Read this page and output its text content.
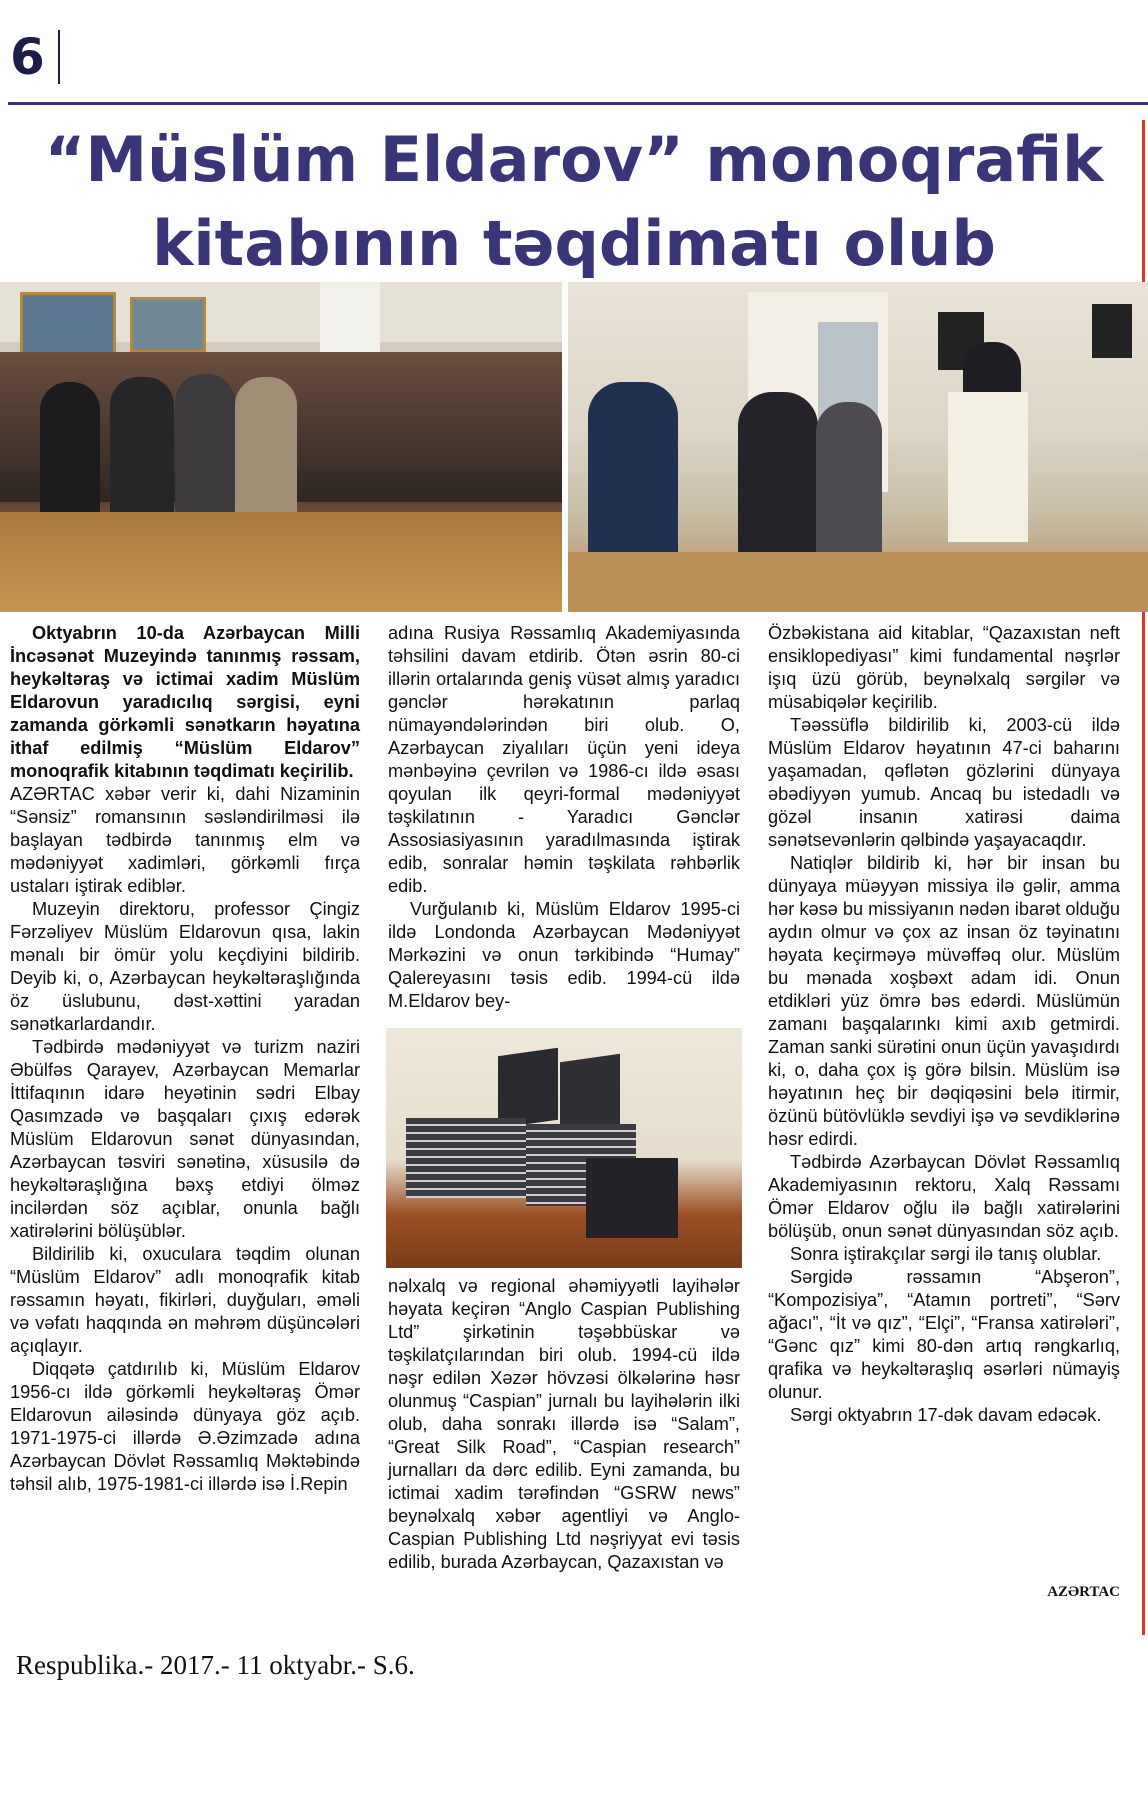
6
“Müslüm Eldarov” monoqrafik
kitabının təqdimatı olub

Oktyabrın 10-da Azərbaycan Milli İncəsənət Muzeyində tanınmış rəssam, heykəltəraş və ictimai xadim Müslüm Eldarovun yaradıcılıq sərgisi, eyni zamanda görkəmli sənətkarın həyatına ithaf edilmiş “Müslüm Eldarov” monoqrafik kitabının təqdimatı keçirilib.

AZƏRTAC xəbər verir ki, dahi Nizaminin “Sənsiz” romansının səsləndirilməsi ilə başlayan tədbirdə tanınmış elm və mədəniyyət xadimləri, görkəmli fırça ustaları iştirak ediblər.

Muzeyin direktoru, professor Çingiz Fərzəliyev Müslüm Eldarovun qısa, lakin mənalı bir ömür yolu keçdiyini bildirib. Deyib ki, o, Azərbaycan heykəltəraşlığında öz üslubunu, dəst-xəttini yaradan sənətkarlardandır.

Tədbirdə mədəniyyət və turizm naziri Əbülfəs Qarayev, Azərbaycan Memarlar İttifaqının idarə heyətinin sədri Elbay Qasımzadə və başqaları çıxış edərək Müslüm Eldarovun sənət dünyasından, Azərbaycan təsviri sənətinə, xüsusilə də heykəltəraşlığına bəxş etdiyi ölməz incilərdən söz açıblar, onunla bağlı xatirələrini bölüşüblər.

Bildirilib ki, oxuculara təqdim olunan “Müslüm Eldarov” adlı monoqrafik kitab rəssamın həyatı, fikirləri, duyğuları, əməli və vəfatı haqqında ən məhrəm düşüncələri açıqlayır.

Diqqətə çatdırılıb ki, Müslüm Eldarov 1956-cı ildə görkəmli heykəltəraş Ömər Eldarovun ailəsində dünyaya göz açıb. 1971-1975-ci illərdə Ə.Əzimzadə adına Azərbaycan Dövlət Rəssamlıq Məktəbində təhsil alıb, 1975-1981-ci illərdə isə İ.Repin

adına Rusiya Rəssamlıq Akademiyasında təhsilini davam etdirib. Ötən əsrin 80-ci illərin ortalarında geniş vüsət almış yaradıcı gənclər hərəkatının parlaq nümayəndələrindən biri olub. O, Azərbaycan ziyalıları üçün yeni ideya mənbəyinə çevrilən və 1986-cı ildə əsası qoyulan ilk qeyri-formal mədəniyyət təşkilatının - Yaradıcı Gənclər Assosiasiyasının yaradılmasında iştirak edib, sonralar həmin təşkilata rəhbərlik edib.

Vurğulanıb ki, Müslüm Eldarov 1995-ci ildə Londonda Azərbaycan Mədəniyyət Mərkəzini və onun tərkibində “Humay” Qalereyasını təsis edib. 1994-cü ildə M.Eldarov bey-

nəlxalq və regional əhəmiyyətli layihələr həyata keçirən “Anglo Caspian Publishing Ltd” şirkətinin təşəbbüskar və təşkilatçılarından biri olub. 1994-cü ildə nəşr edilən Xəzər hövzəsi ölkələrinə həsr olunmuş “Caspian” jurnalı bu layihələrin ilki olub, daha sonrakı illərdə isə “Salam”, “Great Silk Road”, “Caspian research” jurnalları da dərc edilib. Eyni zamanda, bu ictimai xadim tərəfindən “GSRW news” beynəlxalq xəbər agentliyi və Anglo-Caspian Publishing Ltd nəşriyyat evi təsis edilib, burada Azərbaycan, Qazaxıstan və

Özbəkistana aid kitablar, “Qazaxıstan neft ensiklopediyası” kimi fundamental nəşrlər işıq üzü görüb, beynəlxalq sərgilər və müsabiqələr keçirilib.

Təəssüflə bildirilib ki, 2003-cü ildə Müslüm Eldarov həyatının 47-ci baharını yaşamadan, qəflətən gözlərini dünyaya əbədiyyən yumub. Ancaq bu istedadlı və gözəl insanın xatirəsi daima sənətsevənlərin qəlbində yaşayacaqdır.

Natiqlər bildirib ki, hər bir insan bu dünyaya müəyyən missiya ilə gəlir, amma hər kəsə bu missiyanın nədən ibarət olduğu aydın olmur və çox az insan öz təyinatını həyata keçirməyə müvəffəq olur. Müslüm bu mənada xoşbəxt adam idi. Onun etdikləri yüz ömrə bəs edərdi. Müslümün zamanı başqalarınkı kimi axıb getmirdi. Zaman sanki sürətini onun üçün yavaşıdırdı ki, o, daha çox iş görə bilsin. Müslüm isə həyatının heç bir dəqiqəsini belə itirmir, özünü bütövlüklə sevdiyi işə və sevdiklərinə həsr edirdi.

Tədbirdə Azərbaycan Dövlət Rəssamlıq Akademiyasının rektoru, Xalq Rəssamı Ömər Eldarov oğlu ilə bağlı xatirələrini bölüşüb, onun sənət dünyasından söz açıb.

Sonra iştirakçılar sərgi ilə tanış olublar.

Sərgidə rəssamın “Abşeron”, “Kompozisiya”, “Atamın portreti”, “Sərv ağacı”, “İt və qız”, “Elçi”, “Fransa xatirələri”, “Gənc qız” kimi 80-dən artıq rəngkarlıq, qrafika və heykəltəraşlıq əsərləri nümayiş olunur.

Sərgi oktyabrın 17-dək davam edəcək.

AZƏRTAC
Respublika.- 2017.- 11 oktyabr.- S.6.
